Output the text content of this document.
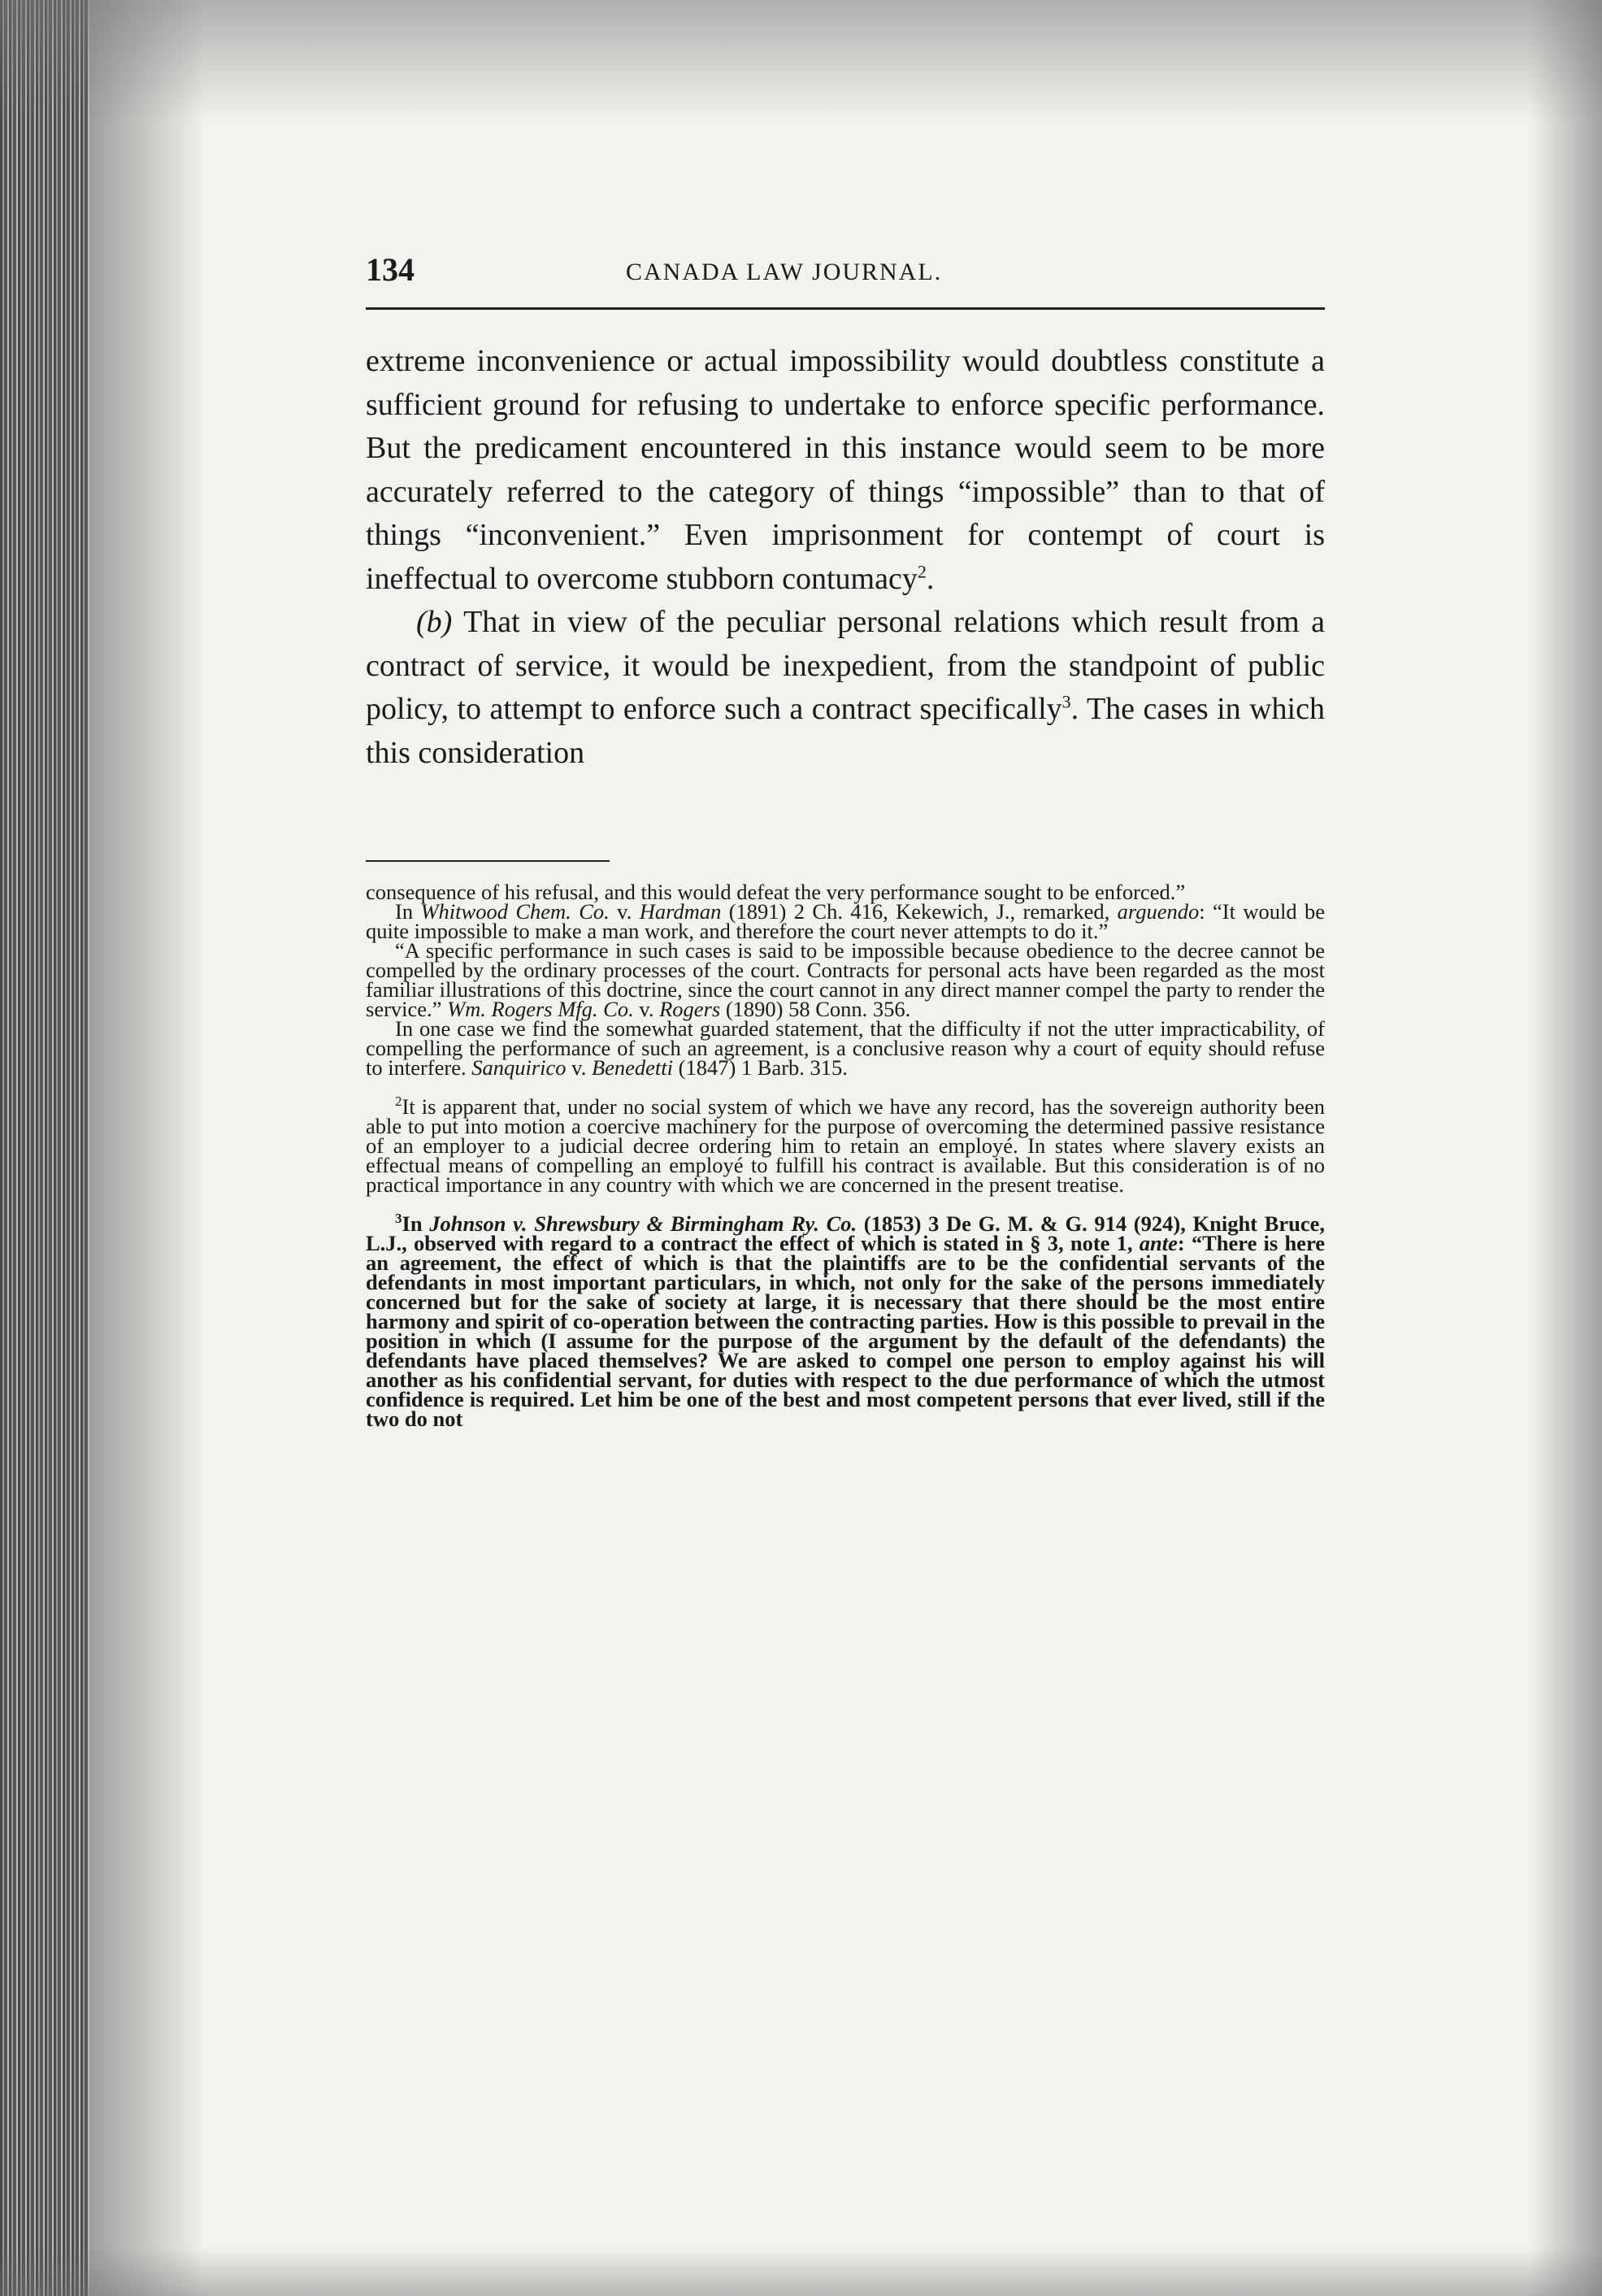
134	CANADA LAW JOURNAL.

extreme inconvenience or actual impossibility would doubtless constitute a sufficient ground for refusing to undertake to enforce specific performance. But the predicament encountered in this instance would seem to be more accurately referred to the category of things “impossible” than to that of things “inconvenient.” Even imprisonment for contempt of court is ineffectual to overcome stubborn contumacy$^2$.

(b) That in view of the peculiar personal relations which result from a contract of service, it would be inexpedient, from the standpoint of public policy, to attempt to enforce such a contract specifically$^3$. The cases in which this consideration

consequence of his refusal, and this would defeat the very performance sought to be enforced.”

In Whitwood Chem. Co. v. Hardman (1891) 2 Ch. 416, Kekewich, J., remarked, arguendo: “It would be quite impossible to make a man work, and therefore the court never attempts to do it.”

“A specific performance in such cases is said to be impossible because obedience to the decree cannot be compelled by the ordinary processes of the court. Contracts for personal acts have been regarded as the most familiar illustrations of this doctrine, since the court cannot in any direct manner compel the party to render the service.” Wm. Rogers Mfg. Co. v. Rogers (1890) 58 Conn. 356.

In one case we find the somewhat guarded statement, that the difficulty if not the utter impracticability, of compelling the performance of such an agreement, is a conclusive reason why a court of equity should refuse to interfere. Sanquirico v. Benedetti (1847) 1 Barb. 315.

$^2$It is apparent that, under no social system of which we have any record, has the sovereign authority been able to put into motion a coercive machinery for the purpose of overcoming the determined passive resistance of an employer to a judicial decree ordering him to retain an employé. In states where slavery exists an effectual means of compelling an employé to fulfill his contract is available. But this consideration is of no practical importance in any country with which we are concerned in the present treatise.

$^3$In Johnson v. Shrewsbury & Birmingham Ry. Co. (1853) 3 De G. M. & G. 914 (924), Knight Bruce, L.J., observed with regard to a contract the effect of which is stated in § 3, note 1, ante: “There is here an agreement, the effect of which is that the plaintiffs are to be the confidential servants of the defendants in most important particulars, in which, not only for the sake of the persons immediately concerned but for the sake of society at large, it is necessary that there should be the most entire harmony and spirit of co-operation between the contracting parties. How is this possible to prevail in the position in which (I assume for the purpose of the argument by the default of the defendants) the defendants have placed themselves? We are asked to compel one person to employ against his will another as his confidential servant, for duties with respect to the due performance of which the utmost confidence is required. Let him be one of the best and most competent persons that ever lived, still if the two do not
